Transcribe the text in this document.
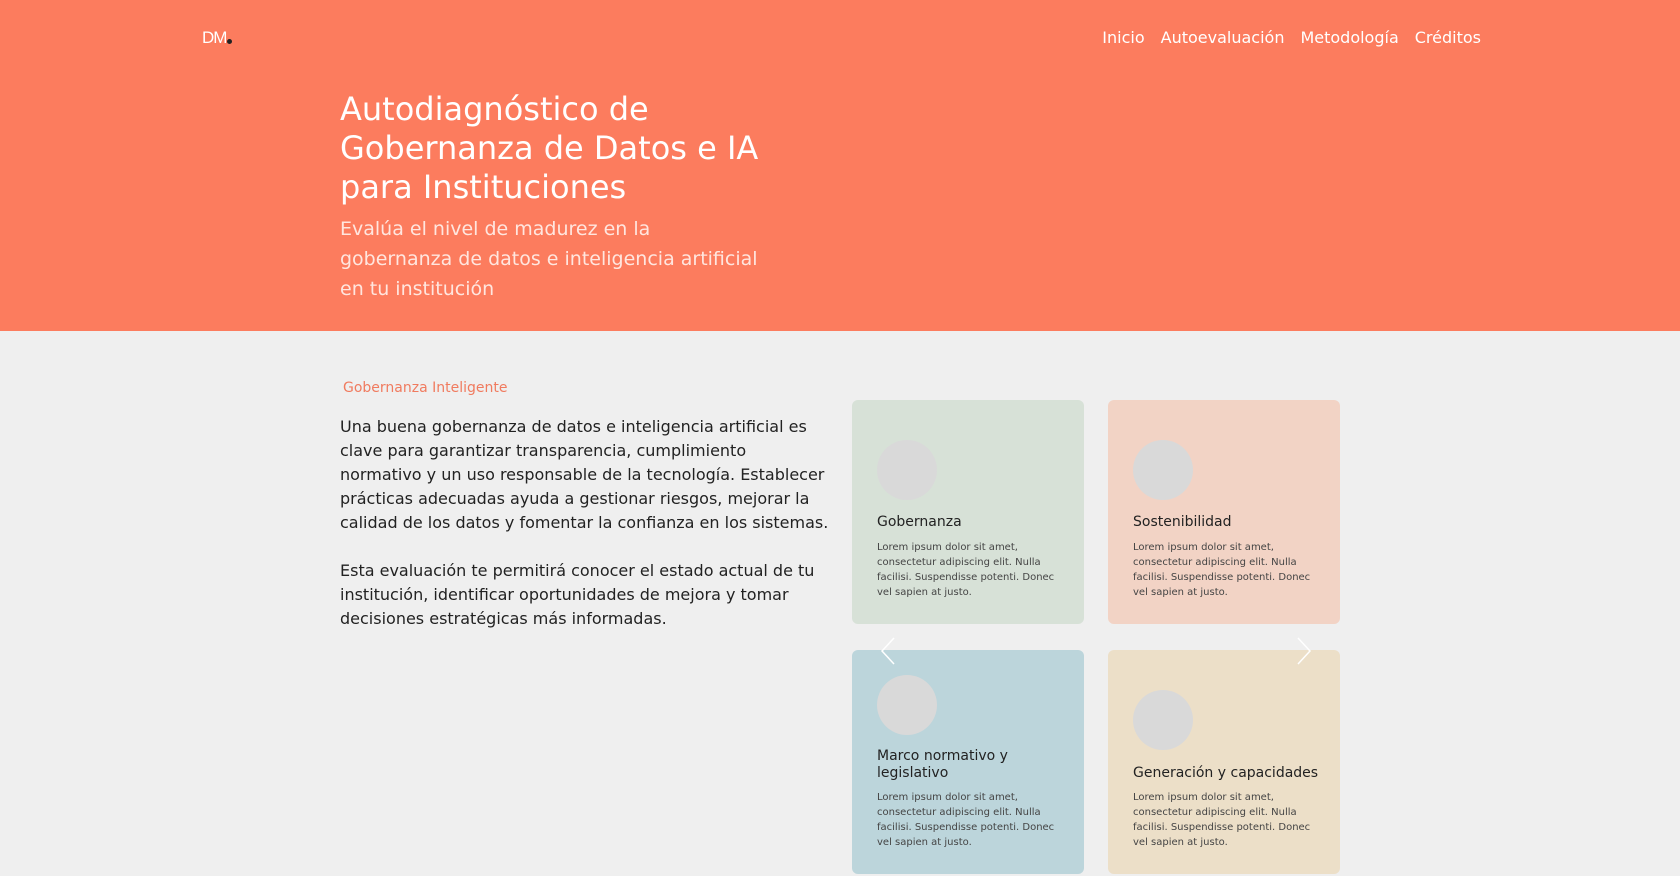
DM	Inicio Autoevaluación Metodología Créditos
Autodiagnóstico de Gobernanza de Datos e IA para Instituciones

Evalúa el nivel de madurez en la gobernanza de datos e inteligencia artificial en tu institución

Gobernanza Inteligente

Una buena gobernanza de datos e inteligencia artificial es clave para garantizar transparencia, cumplimiento normativo y un uso responsable de la tecnología. Establecer prácticas adecuadas ayuda a gestionar riesgos, mejorar la calidad de los datos y fomentar la confianza en los sistemas.

Esta evaluación te permitirá conocer el estado actual de tu institución, identificar oportunidades de mejora y tomar decisiones estratégicas más informadas.

Gobernanza
Lorem ipsum dolor sit amet, consectetur adipiscing elit. Nulla facilisi. Suspendisse potenti. Donec vel sapien at justo.
Sostenibilidad
Lorem ipsum dolor sit amet, consectetur adipiscing elit. Nulla facilisi. Suspendisse potenti. Donec vel sapien at justo.
Marco normativo y legislativo
Lorem ipsum dolor sit amet, consectetur adipiscing elit. Nulla facilisi. Suspendisse potenti. Donec vel sapien at justo.
Generación y capacidades
Lorem ipsum dolor sit amet, consectetur adipiscing elit. Nulla facilisi. Suspendisse potenti. Donec vel sapien at justo.
